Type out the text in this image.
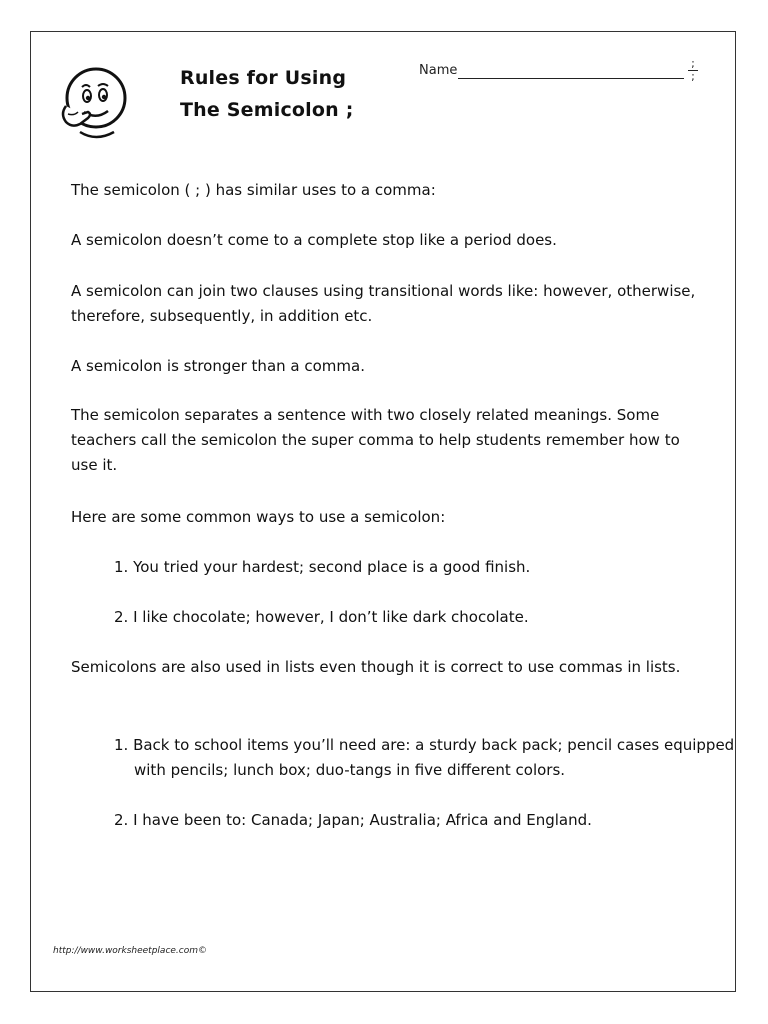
Rules for Using
The Semicolon ;
Name	;
;

The semicolon ( ; ) has similar uses to a comma:

A semicolon doesn’t come to a complete stop like a period does.

A semicolon can join two clauses using transitional words like: however, otherwise, therefore, subsequently, in addition etc.

A semicolon is stronger than a comma.

The semicolon separates a sentence with two closely related meanings. Some teachers call the semicolon the super comma to help students remember how to use it.

Here are some common ways to use a semicolon:

1. You tried your hardest; second place is a good finish.

2. I like chocolate; however, I don’t like dark chocolate.

Semicolons are also used in lists even though it is correct to use commas in lists.

1. Back to school items you’ll need are: a sturdy back pack; pencil cases equipped with pencils; lunch box; duo-tangs in five different colors.

2. I have been to: Canada; Japan; Australia; Africa and England.

http://www.worksheetplace.com©
